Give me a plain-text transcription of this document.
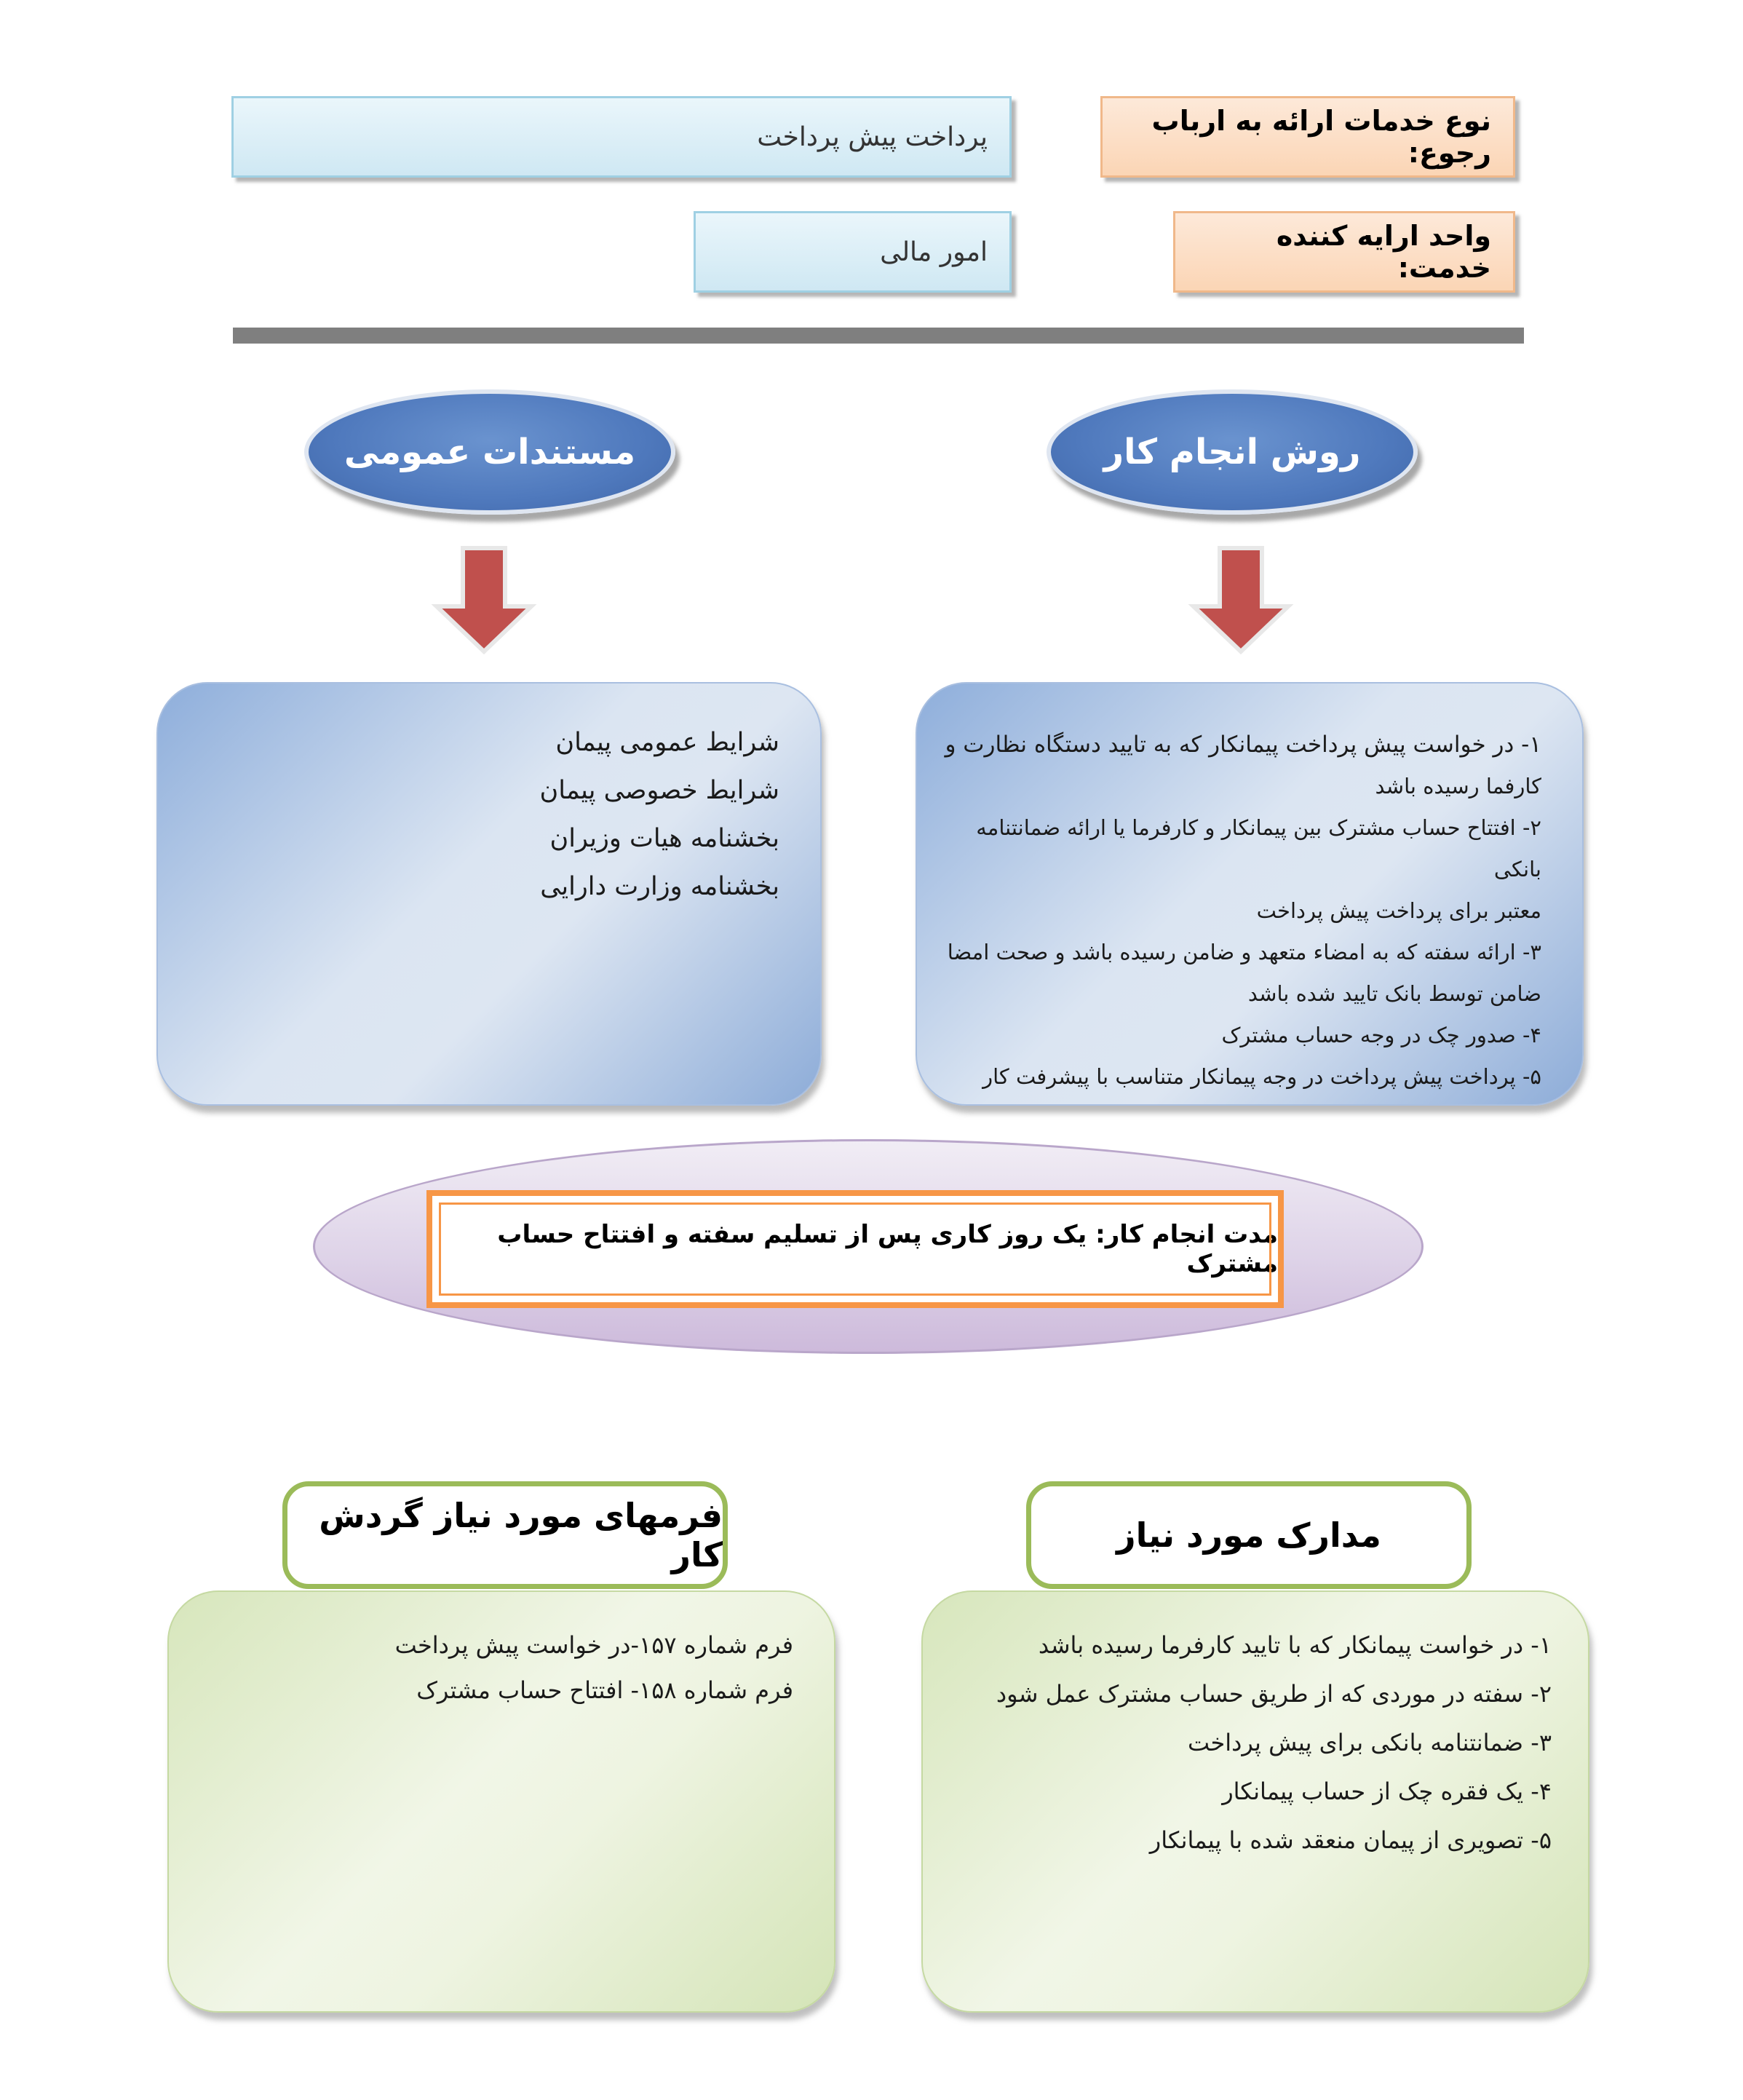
نوع خدمات ارائه به ارباب رجوع:
پرداخت پیش پرداخت
واحد ارایه کننده خدمت:
امور مالی
روش انجام کار
مستندات عمومی

۱- در خواست پیش پرداخت پیمانکار که به تایید دستگاه نظارت و

کارفما رسیده باشد

۲- افتتاح حساب مشترک بین پیمانکار و کارفرما یا ارائه ضمانتنامه بانکی

معتبر برای پرداخت پیش پرداخت

۳- ارائه سفته که به امضاء متعهد و ضامن رسیده باشد و صحت امضا

ضامن توسط بانک تایید شده باشد

۴- صدور چک در وجه حساب مشترک

۵- پرداخت پیش پرداخت در وجه پیمانکار متناسب با پیشرفت کار

شرایط عمومی پیمان

شرایط خصوصی پیمان

بخشنامه هیات وزیران

بخشنامه وزارت دارایی

مدت انجام کار: یک روز کاری پس از تسلیم سفته و افتتاح حساب مشترک
مدارک مورد نیاز
فرمهای مورد نیاز گردش کار

۱- در خواست پیمانکار که با تایید کارفرما رسیده باشد

۲- سفته در موردی که از طریق حساب مشترک عمل شود

۳- ضمانتنامه بانکی برای پیش پرداخت

۴- یک فقره چک از حساب پیمانکار

۵- تصویری از پیمان منعقد شده با پیمانکار

فرم شماره ۱۵۷-در خواست پیش پرداخت

فرم شماره ۱۵۸- افتتاح حساب مشترک
